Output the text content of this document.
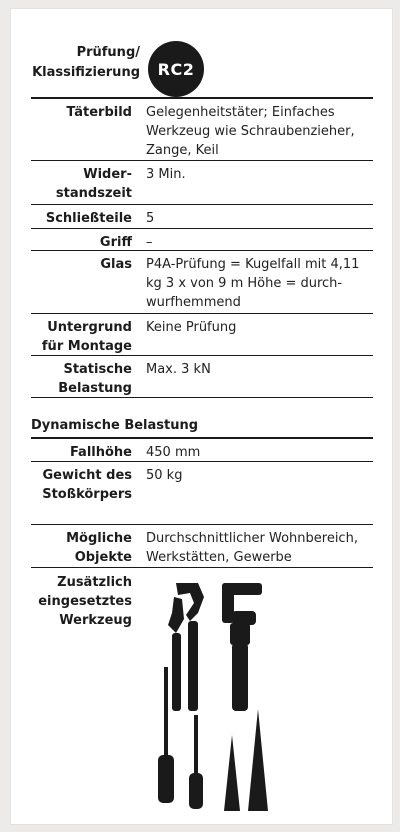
Prüfung/
Klassifizierung	RC2
Täterbild Gelegenheitstäter; Einfaches Werkzeug wie Schraubenzieher, Zange, Keil
Wider-
standszeit
3 Min.
Schließteile 5
Griff –
Glas P4A-Prüfung = Kugelfall mit 4,11 kg 3 x von 9 m Höhe = durch-wurfhemmend
Untergrund für Montage
Keine Prüfung
Statische Belastung
Max. 3 kN
Dynamische Belastung
Fallhöhe 450 mm
Gewicht des Stoßkörpers
50 kg
Mögliche Objekte
Durchschnittlicher Wohnbereich, Werkstätten, Gewerbe
Zusätzlich eingesetztes Werkzeug
